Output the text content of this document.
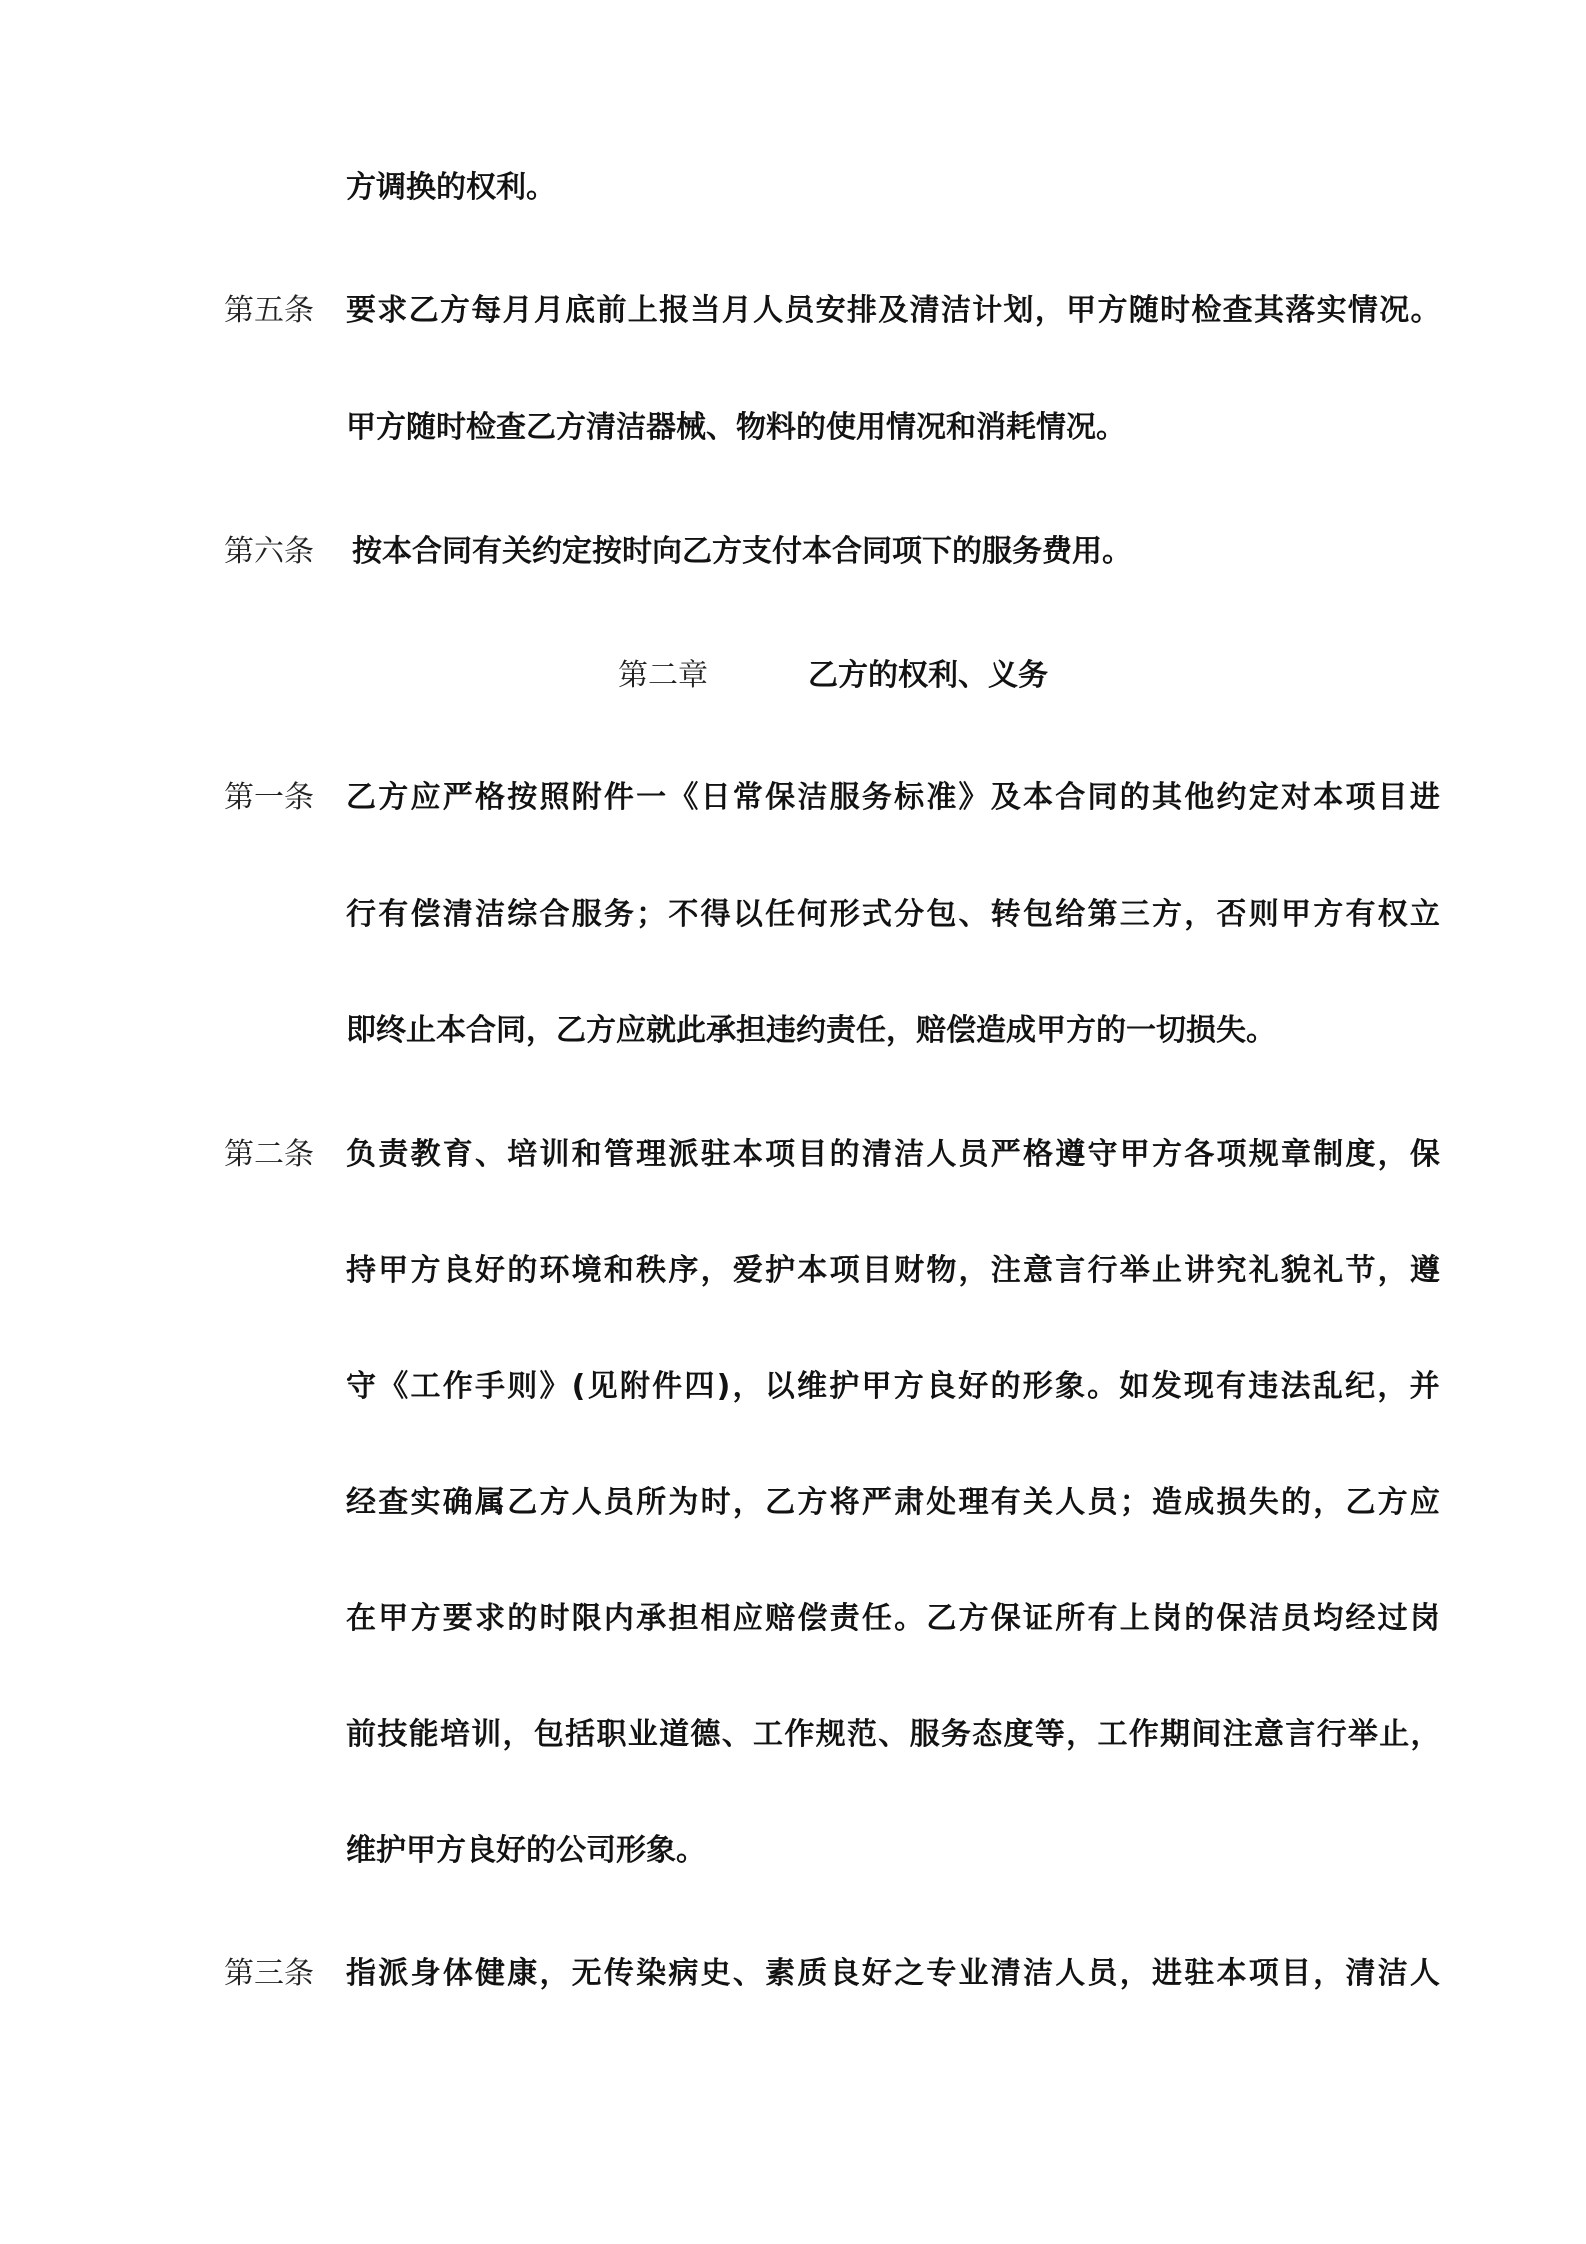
方调换的权利。
第五条 要求乙方每月月底前上报当月人员安排及清洁计划，甲方随时检查其落实情况。
甲方随时检查乙方清洁器械、物料的使用情况和消耗情况。
第六条 按本合同有关约定按时向乙方支付本合同项下的服务费用。
第二章	乙方的权利、义务
第一条 乙方应严格按照附件一《日常保洁服务标准》及本合同的其他约定对本项目进
行有偿清洁综合服务；不得以任何形式分包、转包给第三方，否则甲方有权立
即终止本合同，乙方应就此承担违约责任，赔偿造成甲方的一切损失。
第二条 负责教育、培训和管理派驻本项目的清洁人员严格遵守甲方各项规章制度，保
持甲方良好的环境和秩序，爱护本项目财物，注意言行举止讲究礼貌礼节，遵
守《工作手则》(见附件四)，以维护甲方良好的形象。如发现有违法乱纪，并
经查实确属乙方人员所为时，乙方将严肃处理有关人员；造成损失的，乙方应
在甲方要求的时限内承担相应赔偿责任。乙方保证所有上岗的保洁员均经过岗
前技能培训，包括职业道德、工作规范、服务态度等，工作期间注意言行举止，
维护甲方良好的公司形象。
第三条 指派身体健康，无传染病史、素质良好之专业清洁人员，进驻本项目，清洁人
